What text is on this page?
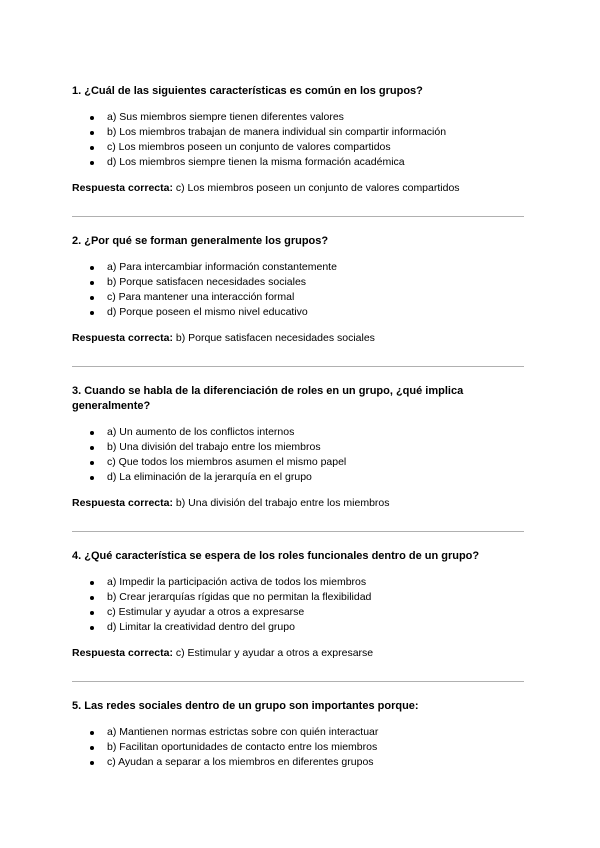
1. ¿Cuál de las siguientes características es común en los grupos?

a) Sus miembros siempre tienen diferentes valores
b) Los miembros trabajan de manera individual sin compartir información
c) Los miembros poseen un conjunto de valores compartidos
d) Los miembros siempre tienen la misma formación académica

Respuesta correcta: c) Los miembros poseen un conjunto de valores compartidos

2. ¿Por qué se forman generalmente los grupos?

a) Para intercambiar información constantemente
b) Porque satisfacen necesidades sociales
c) Para mantener una interacción formal
d) Porque poseen el mismo nivel educativo

Respuesta correcta: b) Porque satisfacen necesidades sociales

3. Cuando se habla de la diferenciación de roles en un grupo, ¿qué implica generalmente?

a) Un aumento de los conflictos internos
b) Una división del trabajo entre los miembros
c) Que todos los miembros asumen el mismo papel
d) La eliminación de la jerarquía en el grupo

Respuesta correcta: b) Una división del trabajo entre los miembros

4. ¿Qué característica se espera de los roles funcionales dentro de un grupo?

a) Impedir la participación activa de todos los miembros
b) Crear jerarquías rígidas que no permitan la flexibilidad
c) Estimular y ayudar a otros a expresarse
d) Limitar la creatividad dentro del grupo

Respuesta correcta: c) Estimular y ayudar a otros a expresarse

5. Las redes sociales dentro de un grupo son importantes porque:

a) Mantienen normas estrictas sobre con quién interactuar
b) Facilitan oportunidades de contacto entre los miembros
c) Ayudan a separar a los miembros en diferentes grupos
